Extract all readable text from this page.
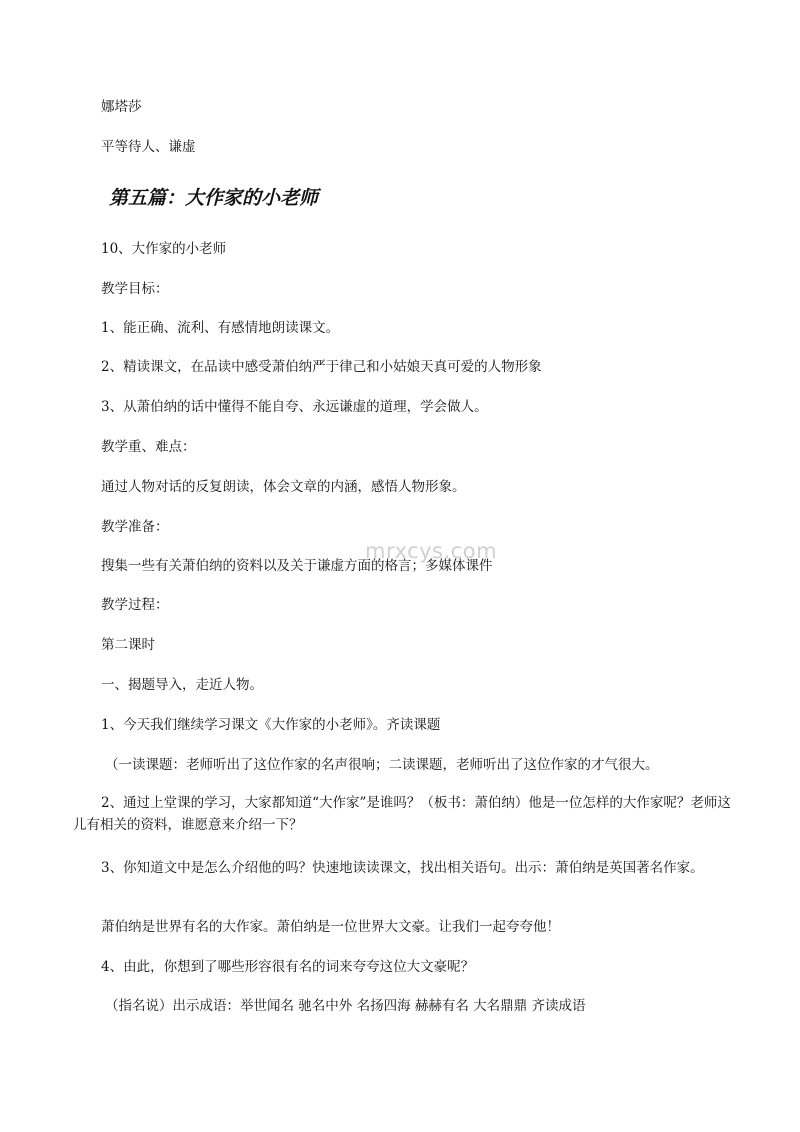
娜塔莎
平等待人、谦虚
第五篇：大作家的小老师
10、大作家的小老师
教学目标：
1、能正确、流利、有感情地朗读课文。
2、精读课文，在品读中感受萧伯纳严于律己和小姑娘天真可爱的人物形象
3、从萧伯纳的话中懂得不能自夸、永远谦虚的道理，学会做人。
教学重、难点：
通过人物对话的反复朗读，体会文章的内涵，感悟人物形象。
教学准备：
搜集一些有关萧伯纳的资料以及关于谦虚方面的格言；多媒体课件
mrxcys.com
教学过程：
第二课时
一、揭题导入，走近人物。
1、今天我们继续学习课文《大作家的小老师》。齐读课题
（一读课题：老师听出了这位作家的名声很响；二读课题，老师听出了这位作家的才气很大。
2、通过上堂课的学习，大家都知道“大作家”是谁吗？（板书：萧伯纳）他是一位怎样的大作家呢？老师这儿有相关的资料，谁愿意来介绍一下？
3、你知道文中是怎么介绍他的吗？快速地读读课文，找出相关语句。出示：萧伯纳是英国著名作家。
萧伯纳是世界有名的大作家。萧伯纳是一位世界大文豪。让我们一起夸夸他！
4、由此，你想到了哪些形容很有名的词来夸夸这位大文豪呢？
（指名说）出示成语：举世闻名 驰名中外 名扬四海 赫赫有名 大名鼎鼎 齐读成语
